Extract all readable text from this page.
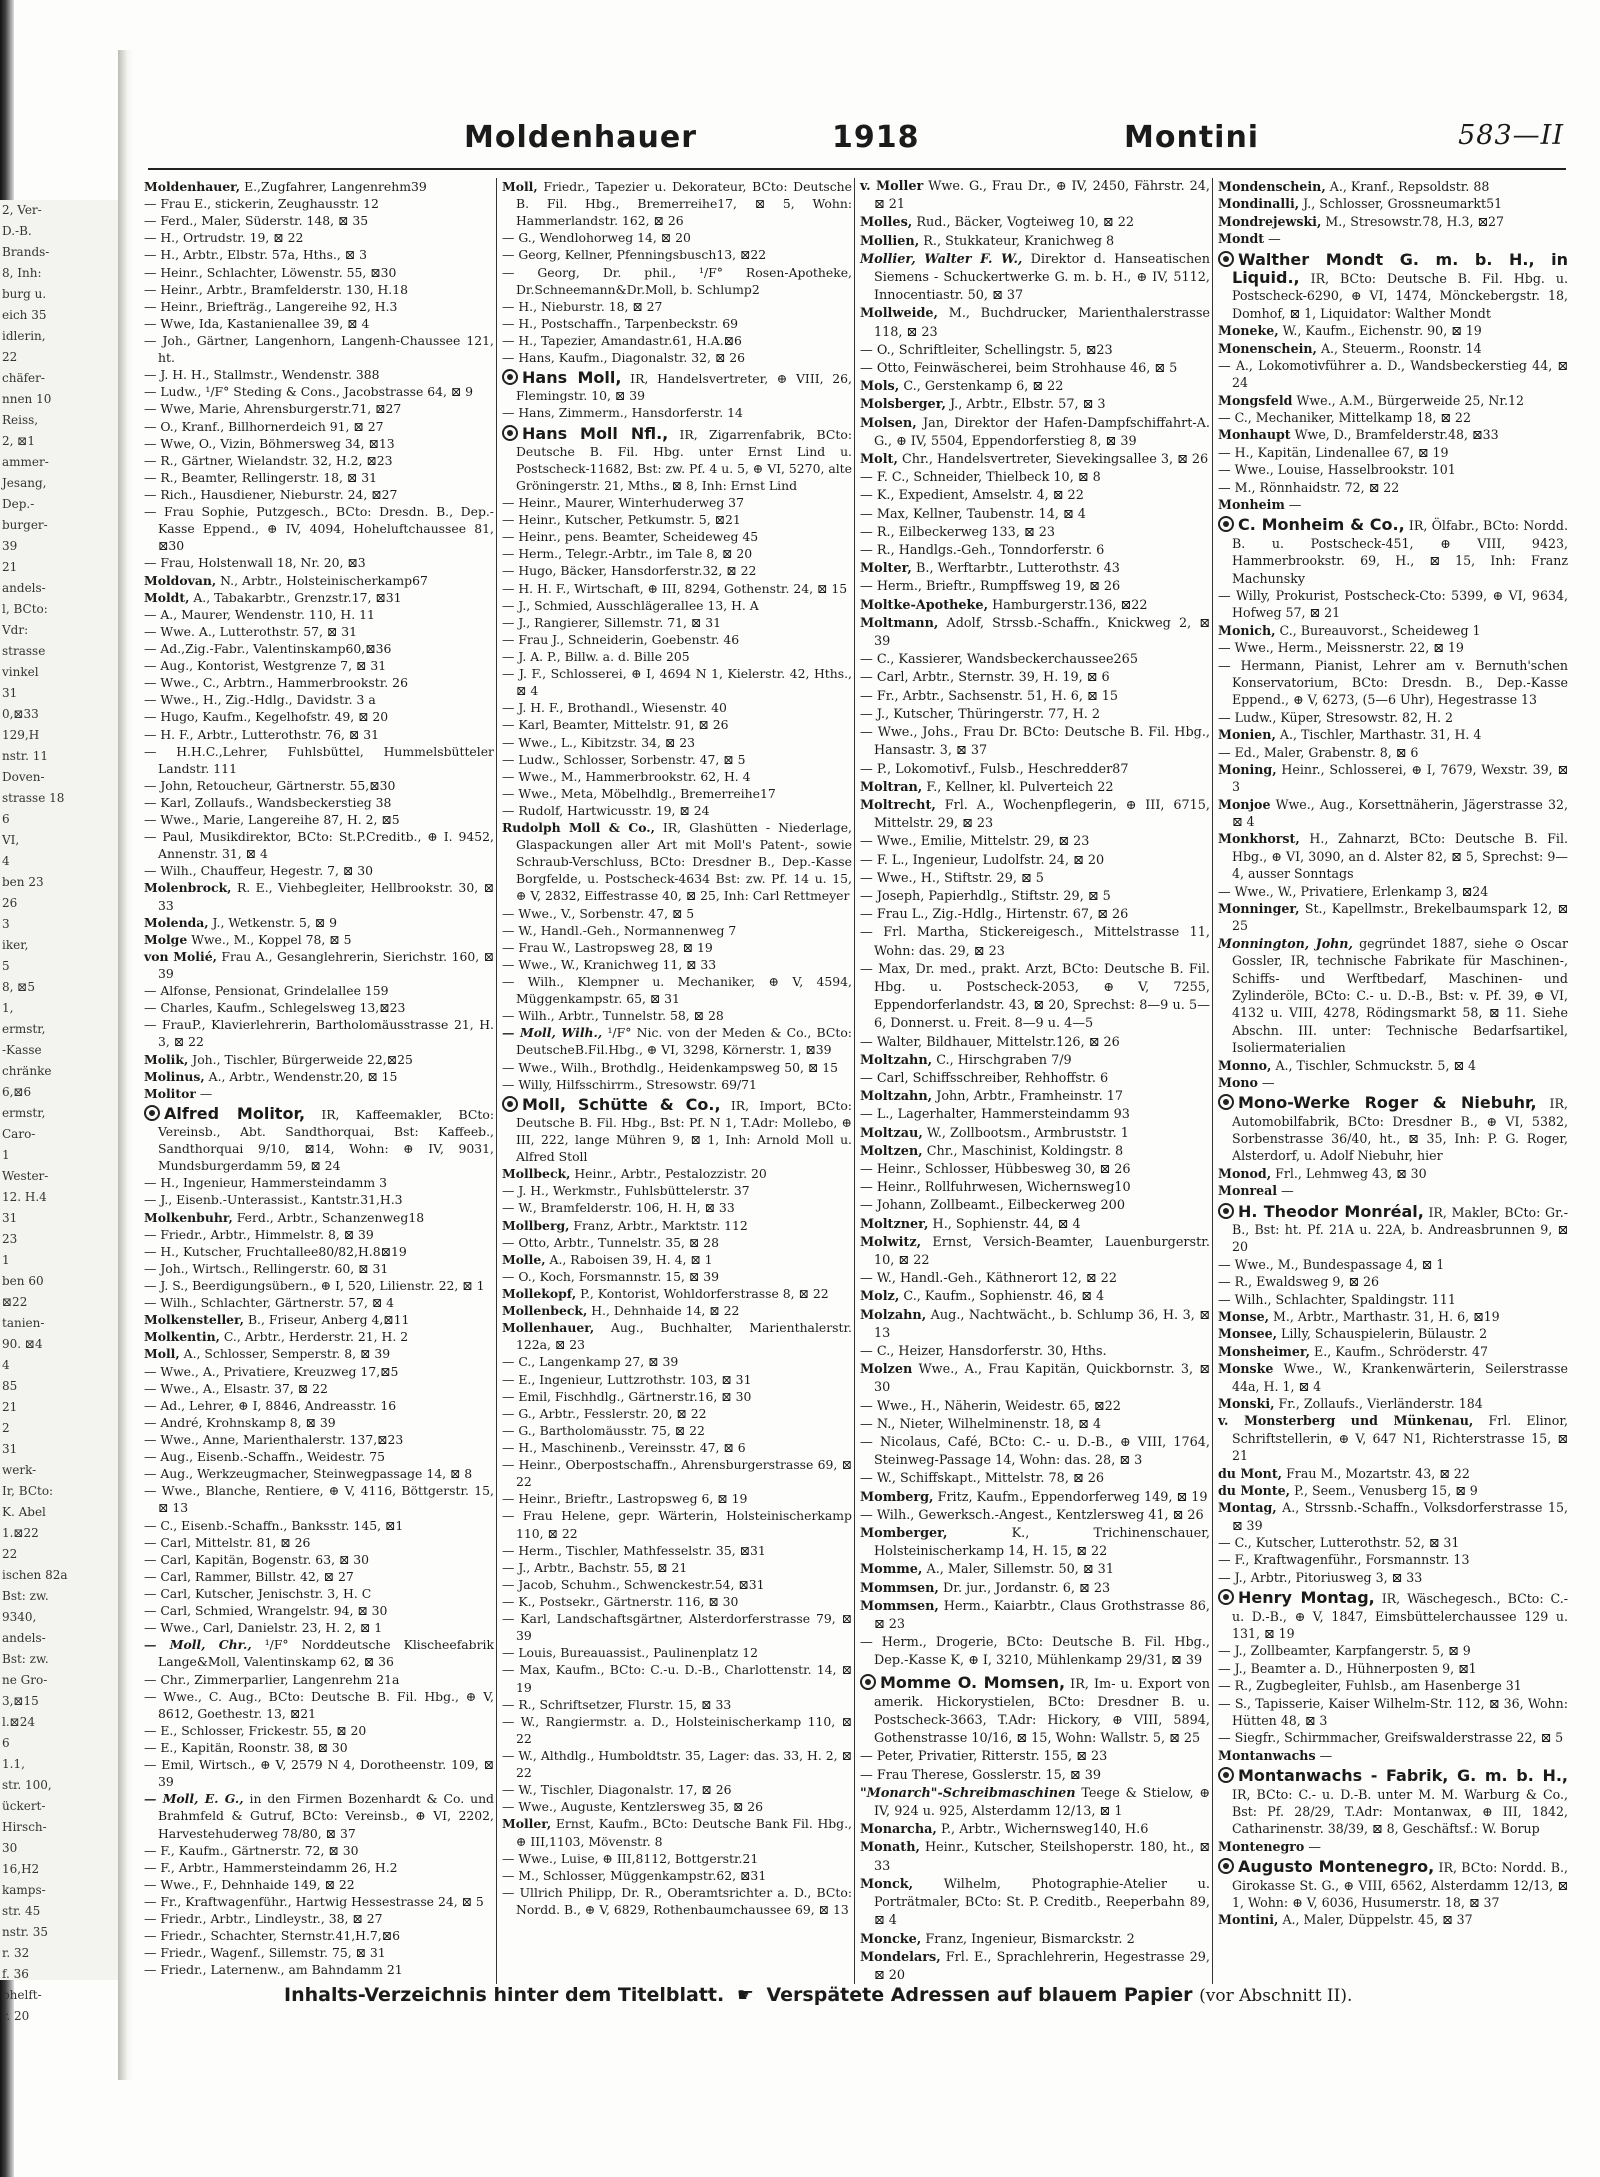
2, Ver-
D.-B.
Brands-
8, Inh:
burg u.
eich 35
idlerin,
22
chäfer-
nnen 10
Reiss,
2, ⊠1
ammer-
Jesang,
Dep.-
burger-
39
21
andels-
l, BCto:
Vdr:
strasse
vinkel
31
0,⊠33
129,H
nstr. 11
Doven-
strasse 18
6
VI,
4
ben 23
26
3
iker,
5
8, ⊠5
1,
ermstr,
-Kasse
chränke
6,⊠6
ermstr,
Caro-
1
Wester-
12. H.4
31
23
1
ben 60
⊠22
tanien-
90. ⊠4
4
85
21
2
31
werk-
Ir, BCto:
K. Abel
1.⊠22
22
ischen 82a
Bst: zw.
9340,
andels-
Bst: zw.
ne Gro-
3,⊠15
l.⊠24
6
1.1,
str. 100,
ückert-
Hirsch-
30
16,H2
kamps-
str. 45
nstr. 35
r. 32
f. 36
bhelft-
r. 20
Moldenhauer	1918	Montini	583—II

Moldenhauer, E.,Zugfahrer, Langenrehm39

— Frau E., stickerin, Zeughausstr. 12

— Ferd., Maler, Süderstr. 148, ⊠ 35

— H., Ortrudstr. 19, ⊠ 22

— H., Arbtr., Elbstr. 57a, Hths., ⊠ 3

— Heinr., Schlachter, Löwenstr. 55, ⊠30

— Heinr., Arbtr., Bramfelderstr. 130, H.18

— Heinr., Briefträg., Langereihe 92, H.3

— Wwe, Ida, Kastanienallee 39, ⊠ 4

— Joh., Gärtner, Langenhorn, Langenh-Chaussee 121, ht.

— J. H. H., Stallmstr., Wendenstr. 388

— Ludw., ¹/F° Steding & Cons., Jacobstrasse 64, ⊠ 9

— Wwe, Marie, Ahrensburgerstr.71, ⊠27

— O., Kranf., Billhornerdeich 91, ⊠ 27

— Wwe, O., Vizin, Böhmersweg 34, ⊠13

— R., Gärtner, Wielandstr. 32, H.2, ⊠23

— R., Beamter, Rellingerstr. 18, ⊠ 31

— Rich., Hausdiener, Nieburstr. 24, ⊠27

— Frau Sophie, Putzgesch., BCto: Dresdn. B., Dep.-Kasse Eppend., ⊕ IV, 4094, Hoheluftchaussee 81, ⊠30

— Frau, Holstenwall 18, Nr. 20, ⊠3

Moldovan, N., Arbtr., Holsteinischerkamp67

Moldt, A., Tabakarbtr., Grenzstr.17, ⊠31

— A., Maurer, Wendenstr. 110, H. 11

— Wwe. A., Lutterothstr. 57, ⊠ 31

— Ad.,Zig.-Fabr., Valentinskamp60,⊠36

— Aug., Kontorist, Westgrenze 7, ⊠ 31

— Wwe., C., Arbtrn., Hammerbrookstr. 26

— Wwe., H., Zig.-Hdlg., Davidstr. 3 a

— Hugo, Kaufm., Kegelhofstr. 49, ⊠ 20

— H. F., Arbtr., Lutterothstr. 76, ⊠ 31

— H.H.C.,Lehrer, Fuhlsbüttel, Hummelsbütteler Landstr. 111

— John, Retoucheur, Gärtnerstr. 55,⊠30

— Karl, Zollaufs., Wandsbeckerstieg 38

— Wwe., Marie, Langereihe 87, H. 2, ⊠5

— Paul, Musikdirektor, BCto: St.P.Creditb., ⊕ I. 9452, Annenstr. 31, ⊠ 4

— Wilh., Chauffeur, Hegestr. 7, ⊠ 30

Molenbrock, R. E., Viehbegleiter, Hellbrookstr. 30, ⊠ 33

Molenda, J., Wetkenstr. 5, ⊠ 9

Molge Wwe., M., Koppel 78, ⊠ 5

von Molié, Frau A., Gesanglehrerin, Sierichstr. 160, ⊠ 39

— Alfonse, Pensionat, Grindelallee 159

— Charles, Kaufm., Schlegelsweg 13,⊠23

— FrauP., Klavierlehrerin, Bartholomäusstrasse 21, H. 3, ⊠ 22

Molik, Joh., Tischler, Bürgerweide 22,⊠25

Molinus, A., Arbtr., Wendenstr.20, ⊠ 15

Molitor —

Alfred Molitor, IR, Kaffeemakler, BCto: Vereinsb., Abt. Sandthorquai, Bst: Kaffeeb., Sandthorquai 9/10, ⊠14, Wohn: ⊕ IV, 9031, Mundsburgerdamm 59, ⊠ 24

— H., Ingenieur, Hammersteindamm 3

— J., Eisenb.-Unterassist., Kantstr.31,H.3

Molkenbuhr, Ferd., Arbtr., Schanzenweg18

— Friedr., Arbtr., Himmelstr. 8, ⊠ 39

— H., Kutscher, Fruchtallee80/82,H.8⊠19

— Joh., Wirtsch., Rellingerstr. 60, ⊠ 31

— J. S., Beerdigungsübern., ⊕ I, 520, Lilienstr. 22, ⊠ 1

— Wilh., Schlachter, Gärtnerstr. 57, ⊠ 4

Molkensteller, B., Friseur, Anberg 4,⊠11

Molkentin, C., Arbtr., Herderstr. 21, H. 2

Moll, A., Schlosser, Semperstr. 8, ⊠ 39

— Wwe., A., Privatiere, Kreuzweg 17,⊠5

— Wwe., A., Elsastr. 37, ⊠ 22

— Ad., Lehrer, ⊕ I, 8846, Andreasstr. 16

— André, Krohnskamp 8, ⊠ 39

— Wwe., Anne, Marienthalerstr. 137,⊠23

— Aug., Eisenb.-Schaffn., Weidestr. 75

— Aug., Werkzeugmacher, Steinwegpassage 14, ⊠ 8

— Wwe., Blanche, Rentiere, ⊕ V, 4116, Böttgerstr. 15, ⊠ 13

— C., Eisenb.-Schaffn., Banksstr. 145, ⊠1

— Carl, Mittelstr. 81, ⊠ 26

— Carl, Kapitän, Bogenstr. 63, ⊠ 30

— Carl, Rammer, Billstr. 42, ⊠ 27

— Carl, Kutscher, Jenischstr. 3, H. C

— Carl, Schmied, Wrangelstr. 94, ⊠ 30

— Wwe., Carl, Danielstr. 23, H. 2, ⊠ 1

— Moll, Chr., ¹/F° Norddeutsche Klischeefabrik Lange&Moll, Valentinskamp 62, ⊠ 36

— Chr., Zimmerparlier, Langenrehm 21a

— Wwe., C. Aug., BCto: Deutsche B. Fil. Hbg., ⊕ V, 8612, Goethestr. 13, ⊠21

— E., Schlosser, Frickestr. 55, ⊠ 20

— E., Kapitän, Roonstr. 38, ⊠ 30

— Emil, Wirtsch., ⊕ V, 2579 N 4, Dorotheenstr. 109, ⊠ 39

— Moll, E. G., in den Firmen Bozenhardt & Co. und Brahmfeld & Gutruf, BCto: Vereinsb., ⊕ VI, 2202, Harvestehuderweg 78/80, ⊠ 37

— F., Kaufm., Gärtnerstr. 72, ⊠ 30

— F., Arbtr., Hammersteindamm 26, H.2

— Wwe., F., Dehnhaide 149, ⊠ 22

— Fr., Kraftwagenführ., Hartwig Hessestrasse 24, ⊠ 5

— Friedr., Arbtr., Lindleystr., 38, ⊠ 27

— Friedr., Schachter, Sternstr.41,H.7,⊠6

— Friedr., Wagenf., Sillemstr. 75, ⊠ 31

— Friedr., Laternenw., am Bahndamm 21

Moll, Friedr., Tapezier u. Dekorateur, BCto: Deutsche B. Fil. Hbg., Bremerreihe17, ⊠ 5, Wohn: Hammerlandstr. 162, ⊠ 26

— G., Wendlohorweg 14, ⊠ 20

— Georg, Kellner, Pfenningsbusch13, ⊠22

— Georg, Dr. phil., ¹/F° Rosen-Apotheke, Dr.Schneemann&Dr.Moll, b. Schlump2

— H., Nieburstr. 18, ⊠ 27

— H., Postschaffn., Tarpenbeckstr. 69

— H., Tapezier, Amandastr.61, H.A.⊠6

— Hans, Kaufm., Diagonalstr. 32, ⊠ 26

Hans Moll, IR, Handelsvertreter, ⊕ VIII, 26, Flemingstr. 10, ⊠ 39

— Hans, Zimmerm., Hansdorferstr. 14

Hans Moll Nfl., IR, Zigarrenfabrik, BCto: Deutsche B. Fil. Hbg. unter Ernst Lind u. Postscheck-11682, Bst: zw. Pf. 4 u. 5, ⊕ VI, 5270, alte Gröningerstr. 21, Mths., ⊠ 8, Inh: Ernst Lind

— Heinr., Maurer, Winterhuderweg 37

— Heinr., Kutscher, Petkumstr. 5, ⊠21

— Heinr., pens. Beamter, Scheideweg 45

— Herm., Telegr.-Arbtr., im Tale 8, ⊠ 20

— Hugo, Bäcker, Hansdorferstr.32, ⊠ 22

— H. H. F., Wirtschaft, ⊕ III, 8294, Gothenstr. 24, ⊠ 15

— J., Schmied, Ausschlägerallee 13, H. A

— J., Rangierer, Sillemstr. 71, ⊠ 31

— Frau J., Schneiderin, Goebenstr. 46

— J. A. P., Billw. a. d. Bille 205

— J. F., Schlosserei, ⊕ I, 4694 N 1, Kielerstr. 42, Hths., ⊠ 4

— J. H. F., Brothandl., Wiesenstr. 40

— Karl, Beamter, Mittelstr. 91, ⊠ 26

— Wwe., L., Kibitzstr. 34, ⊠ 23

— Ludw., Schlosser, Sorbenstr. 47, ⊠ 5

— Wwe., M., Hammerbrookstr. 62, H. 4

— Wwe., Meta, Möbelhdlg., Bremerreihe17

— Rudolf, Hartwicusstr. 19, ⊠ 24

Rudolph Moll & Co., IR, Glashütten - Niederlage, Glaspackungen aller Art mit Moll's Patent-, sowie Schraub-Verschluss, BCto: Dresdner B., Dep.-Kasse Borgfelde, u. Postscheck-4634 Bst: zw. Pf. 14 u. 15, ⊕ V, 2832, Eiffestrasse 40, ⊠ 25, Inh: Carl Rettmeyer

— Wwe., V., Sorbenstr. 47, ⊠ 5

— W., Handl.-Geh., Normannenweg 7

— Frau W., Lastropsweg 28, ⊠ 19

— Wwe., W., Kranichweg 11, ⊠ 33

— Wilh., Klempner u. Mechaniker, ⊕ V, 4594, Müggenkampstr. 65, ⊠ 31

— Wilh., Arbtr., Tunnelstr. 58, ⊠ 28

— Moll, Wilh., ¹/F° Nic. von der Meden & Co., BCto: DeutscheB.Fil.Hbg., ⊕ VI, 3298, Körnerstr. 1, ⊠39

— Wwe., Wilh., Brothdlg., Heidenkampsweg 50, ⊠ 15

— Willy, Hilfsschirrm., Stresowstr. 69/71

Moll, Schütte & Co., IR, Import, BCto: Deutsche B. Fil. Hbg., Bst: Pf. N 1, T.Adr: Mollebo, ⊕ III, 222, lange Mühren 9, ⊠ 1, Inh: Arnold Moll u. Alfred Stoll

Mollbeck, Heinr., Arbtr., Pestalozzistr. 20

— J. H., Werkmstr., Fuhlsbüttelerstr. 37

— W., Bramfelderstr. 106, H. H, ⊠ 33

Mollberg, Franz, Arbtr., Marktstr. 112

— Otto, Arbtr., Tunnelstr. 35, ⊠ 28

Molle, A., Raboisen 39, H. 4, ⊠ 1

— O., Koch, Forsmannstr. 15, ⊠ 39

Mollekopf, P., Kontorist, Wohldorferstrasse 8, ⊠ 22

Mollenbeck, H., Dehnhaide 14, ⊠ 22

Mollenhauer, Aug., Buchhalter, Marienthalerstr. 122a, ⊠ 23

— C., Langenkamp 27, ⊠ 39

— E., Ingenieur, Luttzrothstr. 103, ⊠ 31

— Emil, Fischhdlg., Gärtnerstr.16, ⊠ 30

— G., Arbtr., Fesslerstr. 20, ⊠ 22

— G., Bartholomäusstr. 75, ⊠ 22

— H., Maschinenb., Vereinsstr. 47, ⊠ 6

— Heinr., Oberpostschaffn., Ahrensburgerstrasse 69, ⊠ 22

— Heinr., Brieftr., Lastropsweg 6, ⊠ 19

— Frau Helene, gepr. Wärterin, Holsteinischerkamp 110, ⊠ 22

— Herm., Tischler, Mathfesselstr. 35, ⊠31

— J., Arbtr., Bachstr. 55, ⊠ 21

— Jacob, Schuhm., Schwenckestr.54, ⊠31

— K., Postsekr., Gärtnerstr. 116, ⊠ 30

— Karl, Landschaftsgärtner, Alsterdorferstrasse 79, ⊠ 39

— Louis, Bureauassist., Paulinenplatz 12

— Max, Kaufm., BCto: C.-u. D.-B., Charlottenstr. 14, ⊠ 19

— R., Schriftsetzer, Flurstr. 15, ⊠ 33

— W., Rangiermstr. a. D., Holsteinischerkamp 110, ⊠ 22

— W., Althdlg., Humboldtstr. 35, Lager: das. 33, H. 2, ⊠ 22

— W., Tischler, Diagonalstr. 17, ⊠ 26

— Wwe., Auguste, Kentzlersweg 35, ⊠ 26

Moller, Ernst, Kaufm., BCto: Deutsche Bank Fil. Hbg., ⊕ III,1103, Mövenstr. 8

— Wwe., Luise, ⊕ III,8112, Bottgerstr.21

— M., Schlosser, Müggenkampstr.62, ⊠31

— Ullrich Philipp, Dr. R., Oberamtsrichter a. D., BCto: Nordd. B., ⊕ V, 6829, Rothenbaumchaussee 69, ⊠ 13

v. Moller Wwe. G., Frau Dr., ⊕ IV, 2450, Fährstr. 24, ⊠ 21

Molles, Rud., Bäcker, Vogteiweg 10, ⊠ 22

Mollien, R., Stukkateur, Kranichweg 8

Mollier, Walter F. W., Direktor d. Hanseatischen Siemens - Schuckertwerke G. m. b. H., ⊕ IV, 5112, Innocentiastr. 50, ⊠ 37

Mollweide, M., Buchdrucker, Marienthalerstrasse 118, ⊠ 23

— O., Schriftleiter, Schellingstr. 5, ⊠23

— Otto, Feinwäscherei, beim Strohhause 46, ⊠ 5

Mols, C., Gerstenkamp 6, ⊠ 22

Molsberger, J., Arbtr., Elbstr. 57, ⊠ 3

Molsen, Jan, Direktor der Hafen-Dampfschiffahrt-A. G., ⊕ IV, 5504, Eppendorferstieg 8, ⊠ 39

Molt, Chr., Handelsvertreter, Sievekingsallee 3, ⊠ 26

— F. C., Schneider, Thielbeck 10, ⊠ 8

— K., Expedient, Amselstr. 4, ⊠ 22

— Max, Kellner, Taubenstr. 14, ⊠ 4

— R., Eilbeckerweg 133, ⊠ 23

— R., Handlgs.-Geh., Tonndorferstr. 6

Molter, B., Werftarbtr., Lutterothstr. 43

— Herm., Brieftr., Rumpffsweg 19, ⊠ 26

Moltke-Apotheke, Hamburgerstr.136, ⊠22

Moltmann, Adolf, Strssb.-Schaffn., Knickweg 2, ⊠ 39

— C., Kassierer, Wandsbeckerchaussee265

— Carl, Arbtr., Sternstr. 39, H. 19, ⊠ 6

— Fr., Arbtr., Sachsenstr. 51, H. 6, ⊠ 15

— J., Kutscher, Thüringerstr. 77, H. 2

— Wwe., Johs., Frau Dr. BCto: Deutsche B. Fil. Hbg., Hansastr. 3, ⊠ 37

— P., Lokomotivf., Fulsb., Heschredder87

Moltran, F., Kellner, kl. Pulverteich 22

Moltrecht, Frl. A., Wochenpflegerin, ⊕ III, 6715, Mittelstr. 29, ⊠ 23

— Wwe., Emilie, Mittelstr. 29, ⊠ 23

— F. L., Ingenieur, Ludolfstr. 24, ⊠ 20

— Wwe., H., Stiftstr. 29, ⊠ 5

— Joseph, Papierhdlg., Stiftstr. 29, ⊠ 5

— Frau L., Zig.-Hdlg., Hirtenstr. 67, ⊠ 26

— Frl. Martha, Stickereigesch., Mittelstrasse 11, Wohn: das. 29, ⊠ 23

— Max, Dr. med., prakt. Arzt, BCto: Deutsche B. Fil. Hbg. u. Postscheck-2053, ⊕ V, 7255, Eppendorferlandstr. 43, ⊠ 20, Sprechst: 8—9 u. 5—6, Donnerst. u. Freit. 8—9 u. 4—5

— Walter, Bildhauer, Mittelstr.126, ⊠ 26

Moltzahn, C., Hirschgraben 7/9

— Carl, Schiffsschreiber, Rehhoffstr. 6

Moltzahn, John, Arbtr., Framheinstr. 17

— L., Lagerhalter, Hammersteindamm 93

Moltzau, W., Zollbootsm., Armbruststr. 1

Moltzen, Chr., Maschinist, Koldingstr. 8

— Heinr., Schlosser, Hübbesweg 30, ⊠ 26

— Heinr., Rollfuhrwesen, Wichernsweg10

— Johann, Zollbeamt., Eilbeckerweg 200

Moltzner, H., Sophienstr. 44, ⊠ 4

Molwitz, Ernst, Versich-Beamter, Lauenburgerstr. 10, ⊠ 22

— W., Handl.-Geh., Käthnerort 12, ⊠ 22

Molz, C., Kaufm., Sophienstr. 46, ⊠ 4

Molzahn, Aug., Nachtwächt., b. Schlump 36, H. 3, ⊠ 13

— C., Heizer, Hansdorferstr. 30, Hths.

Molzen Wwe., A., Frau Kapitän, Quickbornstr. 3, ⊠ 30

— Wwe., H., Näherin, Weidestr. 65, ⊠22

— N., Nieter, Wilhelminenstr. 18, ⊠ 4

— Nicolaus, Café, BCto: C.- u. D.-B., ⊕ VIII, 1764, Steinweg-Passage 14, Wohn: das. 28, ⊠ 3

— W., Schiffskapt., Mittelstr. 78, ⊠ 26

Momberg, Fritz, Kaufm., Eppendorferweg 149, ⊠ 19

— Wilh., Gewerksch.-Angest., Kentzlersweg 41, ⊠ 26

Momberger,	K., Trichinenschauer, Holsteinischerkamp 14, H. 15, ⊠ 22

Momme, A., Maler, Sillemstr. 50, ⊠ 31

Mommsen, Dr. jur., Jordanstr. 6, ⊠ 23

Mommsen, Herm., Kaiarbtr., Claus Grothstrasse 86, ⊠ 23

— Herm., Drogerie, BCto: Deutsche B. Fil. Hbg., Dep.-Kasse K, ⊕ I, 3210, Mühlenkamp 29/31, ⊠ 39

Momme O. Momsen, IR, Im- u. Export von amerik. Hickorystielen, BCto: Dresdner B. u. Postscheck-3663, T.Adr: Hickory, ⊕ VIII, 5894, Gothenstrasse 10/16, ⊠ 15, Wohn: Wallstr. 5, ⊠ 25

— Peter, Privatier, Ritterstr. 155, ⊠ 23

— Frau Therese, Gosslerstr. 15, ⊠ 39

"Monarch"-Schreibmaschinen Teege & Stielow, ⊕ IV, 924 u. 925, Alsterdamm 12/13, ⊠ 1

Monarcha, P., Arbtr., Wichernsweg140, H.6

Monath, Heinr., Kutscher, Steilshoperstr. 180, ht., ⊠ 33

Monck, Wilhelm, Photographie-Atelier u. Porträtmaler, BCto: St. P. Creditb., Reeperbahn 89, ⊠ 4

Moncke, Franz, Ingenieur, Bismarckstr. 2

Mondelars, Frl. E., Sprachlehrerin, Hegestrasse 29, ⊠ 20

Mondenschein, A., Kranf., Repsoldstr. 88

Mondinalli, J., Schlosser, Grossneumarkt51

Mondrejewski, M., Stresowstr.78, H.3, ⊠27

Mondt —

Walther Mondt G. m. b. H., in Liquid., IR, BCto: Deutsche B. Fil. Hbg. u. Postscheck-6290, ⊕ VI, 1474, Mönckebergstr. 18, Domhof, ⊠ 1, Liquidator: Walther Mondt

Moneke, W., Kaufm., Eichenstr. 90, ⊠ 19

Monenschein, A., Steuerm., Roonstr. 14

— A., Lokomotivführer a. D., Wandsbeckerstieg 44, ⊠ 24

Mongsfeld Wwe., A.M., Bürgerweide 25, Nr.12

— C., Mechaniker, Mittelkamp 18, ⊠ 22

Monhaupt Wwe, D., Bramfelderstr.48, ⊠33

— H., Kapitän, Lindenallee 67, ⊠ 19

— Wwe., Louise, Hasselbrookstr. 101

— M., Rönnhaidstr. 72, ⊠ 22

Monheim —

C. Monheim & Co., IR, Ölfabr., BCto: Nordd. B. u. Postscheck-451, ⊕ VIII, 9423, Hammerbrookstr. 69, H., ⊠ 15, Inh: Franz Machunsky

— Willy, Prokurist, Postscheck-Cto: 5399, ⊕ VI, 9634, Hofweg 57, ⊠ 21

Monich, C., Bureauvorst., Scheideweg 1

— Wwe., Herm., Meissnerstr. 22, ⊠ 19

— Hermann, Pianist, Lehrer am v. Bernuth'schen Konservatorium, BCto: Dresdn. B., Dep.-Kasse Eppend., ⊕ V, 6273, (5—6 Uhr), Hegestrasse 13

— Ludw., Küper, Stresowstr. 82, H. 2

Monien, A., Tischler, Marthastr. 31, H. 4

— Ed., Maler, Grabenstr. 8, ⊠ 6

Moning, Heinr., Schlosserei, ⊕ I, 7679, Wexstr. 39, ⊠ 3

Monjoe Wwe., Aug., Korsettnäherin, Jägerstrasse 32, ⊠ 4

Monkhorst, H., Zahnarzt, BCto: Deutsche B. Fil. Hbg., ⊕ VI, 3090, an d. Alster 82, ⊠ 5, Sprechst: 9—4, ausser Sonntags

— Wwe., W., Privatiere, Erlenkamp 3, ⊠24

Monninger, St., Kapellmstr., Brekelbaumspark 12, ⊠ 25

Monnington, John, gegründet 1887, siehe ⊙ Oscar Gossler, IR, technische Fabrikate für Maschinen-, Schiffs- und Werftbedarf, Maschinen- und Zylinderöle, BCto: C.- u. D.-B., Bst: v. Pf. 39, ⊕ VI, 4132 u. VIII, 4278, Rödingsmarkt 58, ⊠ 11. Siehe Abschn. III. unter: Technische Bedarfsartikel, Isoliermaterialien

Monno, A., Tischler, Schmuckstr. 5, ⊠ 4

Mono —

Mono-Werke Roger & Niebuhr, IR, Automobilfabrik, BCto: Dresdner B., ⊕ VI, 5382, Sorbenstrasse 36/40, ht., ⊠ 35, Inh: P. G. Roger, Alsterdorf, u. Adolf Niebuhr, hier

Monod, Frl., Lehmweg 43, ⊠ 30

Monreal —

H. Theodor Monréal, IR, Makler, BCto: Gr.-B., Bst: ht. Pf. 21A u. 22A, b. Andreasbrunnen 9, ⊠ 20

— Wwe., M., Bundespassage 4, ⊠ 1

— R., Ewaldsweg 9, ⊠ 26

— Wilh., Schlachter, Spaldingstr. 111

Monse, M., Arbtr., Marthastr. 31, H. 6, ⊠19

Monsee, Lilly, Schauspielerin, Bülaustr. 2

Monsheimer, E., Kaufm., Schröderstr. 47

Monske Wwe., W., Krankenwärterin, Seilerstrasse 44a, H. 1, ⊠ 4

Monski, Fr., Zollaufs., Vierländerstr. 184

v. Monsterberg und Münkenau, Frl. Elinor, Schriftstellerin, ⊕ V, 647 N1, Richterstrasse 15, ⊠ 21

du Mont, Frau M., Mozartstr. 43, ⊠ 22

du Monte, P., Seem., Venusberg 15, ⊠ 9

Montag, A., Strssnb.-Schaffn., Volksdorferstrasse 15, ⊠ 39

— C., Kutscher, Lutterothstr. 52, ⊠ 31

— F., Kraftwagenführ., Forsmannstr. 13

— J., Arbtr., Pitoriusweg 3, ⊠ 33

Henry Montag, IR, Wäschegesch., BCto: C.- u. D.-B., ⊕ V, 1847, Eimsbüttelerchaussee 129 u. 131, ⊠ 19

— J., Zollbeamter, Karpfangerstr. 5, ⊠ 9

— J., Beamter a. D., Hühnerposten 9, ⊠1

— R., Zugbegleiter, Fuhlsb., am Hasenberge 31

— S., Tapisserie, Kaiser Wilhelm-Str. 112, ⊠ 36, Wohn: Hütten 48, ⊠ 3

— Siegfr., Schirmmacher, Greifswalderstrasse 22, ⊠ 5

Montanwachs —

Montanwachs - Fabrik, G. m. b. H., IR, BCto: C.- u. D.-B. unter M. M. Warburg & Co., Bst: Pf. 28/29, T.Adr: Montanwax, ⊕ III, 1842, Catharinenstr. 38/39, ⊠ 8, Geschäftsf.: W. Borup

Montenegro —

Augusto Montenegro, IR, BCto: Nordd. B., Girokasse St. G., ⊕ VIII, 6562, Alsterdamm 12/13, ⊠ 1, Wohn: ⊕ V, 6036, Husumerstr. 18, ⊠ 37

Montini, A., Maler, Düppelstr. 45, ⊠ 37

Inhalts-Verzeichnis hinter dem Titelblatt. ☛ Verspätete Adressen auf blauem Papier (vor Abschnitt II).
